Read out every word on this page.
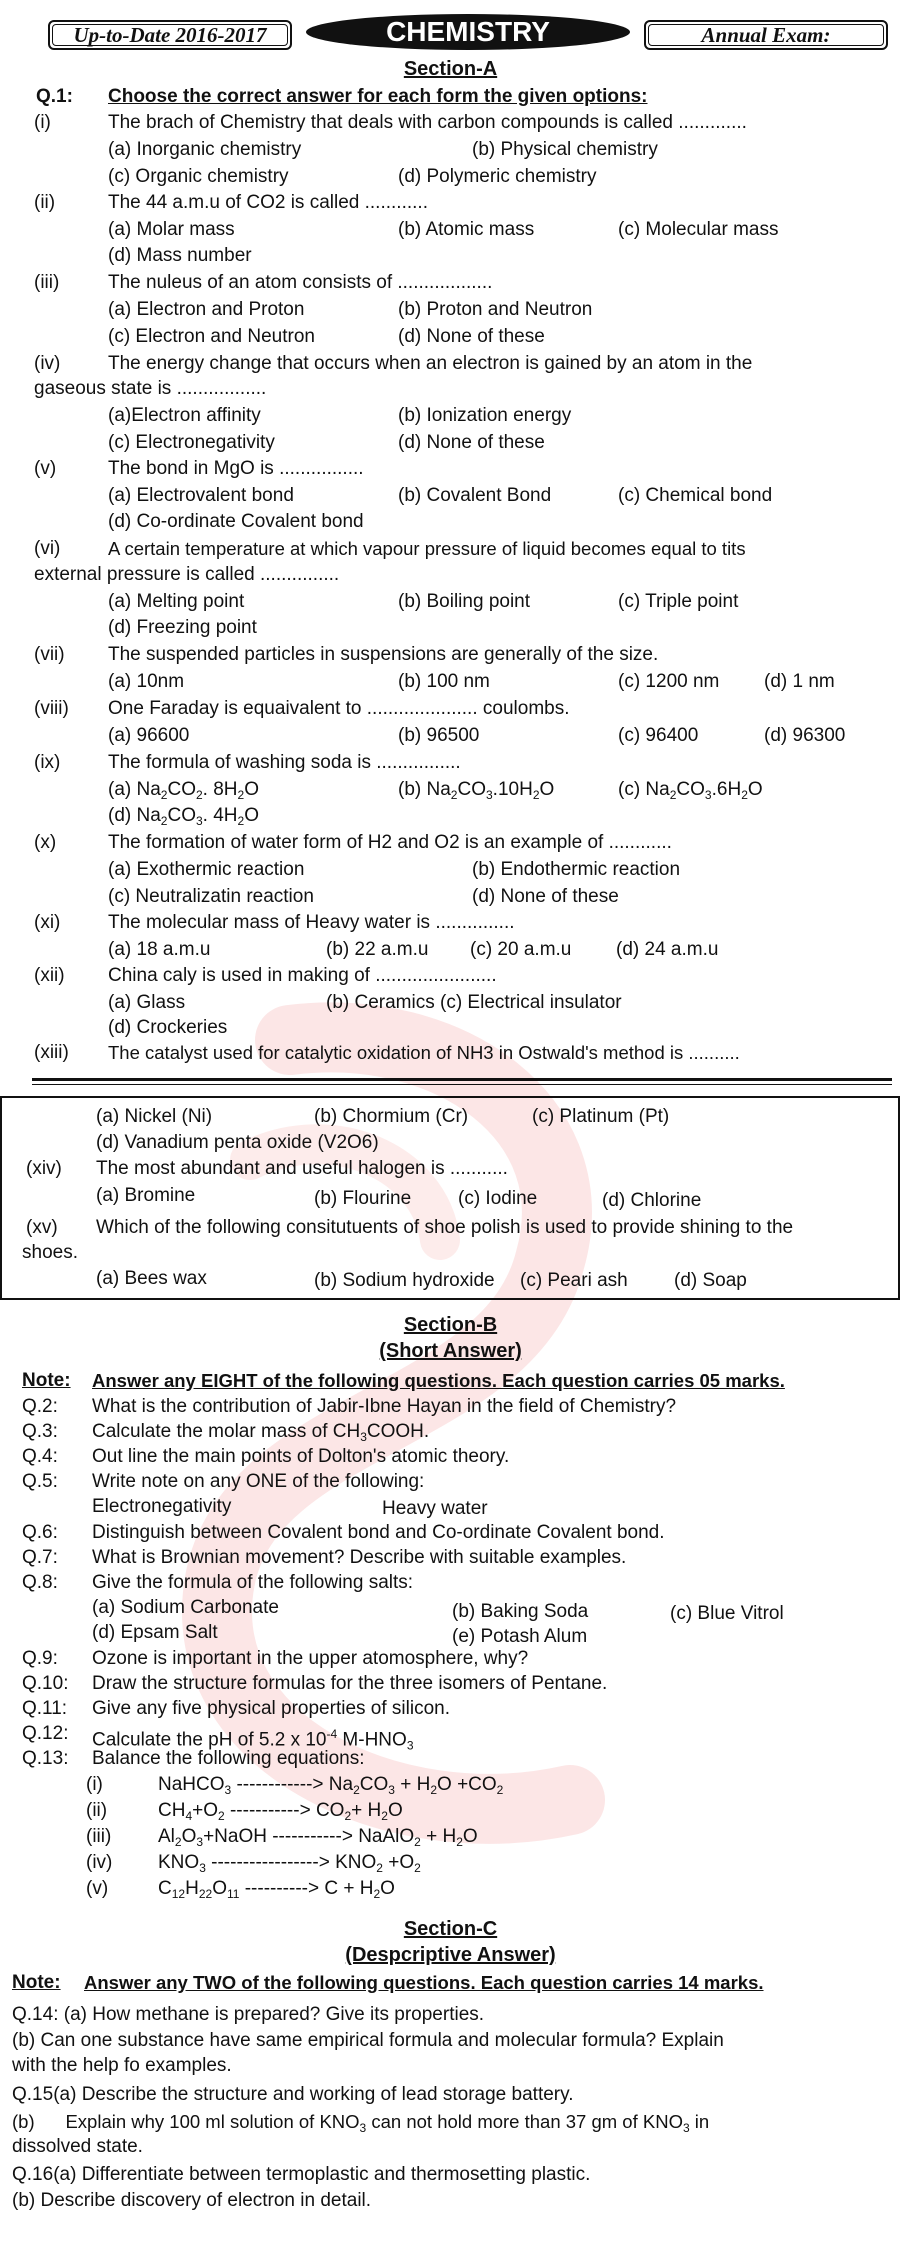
Up-to-Date 2016-2017	CHEMISTRY	Annual Exam:
Section-A
Q.1: Choose the correct answer for each form the given options:
(i)	The brach of Chemistry that deals with carbon compounds is called .............
(a) Inorganic chemistry	(b) Physical chemistry
(c) Organic chemistry	(d) Polymeric chemistry
(ii)	The 44 a.m.u of CO2 is called ............
(a) Molar mass	(b) Atomic mass	(c) Molecular mass
(d) Mass number
(iii)	The nuleus of an atom consists of ..................
(a) Electron and Proton	(b) Proton and Neutron
(c) Electron and Neutron	(d) None of these
(iv)	The energy change that occurs when an electron is gained by an atom in the
gaseous state is .................
(a)Electron affinity	(b) Ionization energy
(c) Electronegativity	(d) None of these
(v)	The bond in MgO is ................
(a) Electrovalent bond	(b) Covalent Bond	(c) Chemical bond
(d) Co-ordinate Covalent bond
(vi)	A certain temperature at which vapour pressure of liquid becomes equal to tits
external pressure is called ...............
(a) Melting point	(b) Boiling point	(c) Triple point
(d) Freezing point
(vii) The suspended particles in suspensions are generally of the size.
(a) 10nm	(b) 100 nm	(c) 1200 nm (d) 1 nm
(viii) One Faraday is equaivalent to ..................... coulombs.
(a) 96600	(b) 96500	(c) 96400	(d) 96300
(ix)	The formula of washing soda is ................
(a) $Na_2CO_2$. $8H_2O$	(b) $Na_2CO_3.10H_2O$	(c) $Na_2CO_3.6H_2O$
(d) $Na_2CO_3$. $4H_2O$
(x)	The formation of water form of H2 and O2 is an example of ............
(a) Exothermic reaction	(b) Endothermic reaction
(c) Neutralizatin reaction	(d) None of these
(xi)	The molecular mass of Heavy water is ...............
(a) 18 a.m.u	(b) 22 a.m.u (c) 20 a.m.u (d) 24 a.m.u
(xii) China caly is used in making of .......................
(a) Glass	(b) Ceramics (c) Electrical insulator
(d) Crockeries
(xiii) The catalyst used for catalytic oxidation of NH3 in Ostwald's method is ..........
(a) Nickel (Ni)	(b) Chormium (Cr)	(c) Platinum (Pt)
(d) Vanadium penta oxide (V2O6)
(xiv) The most abundant and useful halogen is ...........
(a) Bromine	(b) Flourine (c) Iodine	(d) Chlorine
(xv) Which of the following consitutuents of shoe polish is used to provide shining to the
shoes.
(a) Bees wax	(b) Sodium hydroxide (c) Peari ash (d) Soap
Section-B
(Short Answer)
Note: Answer any EIGHT of the following questions. Each question carries 05 marks.
Q.2: What is the contribution of Jabir-Ibne Hayan in the field of Chemistry?
Q.3: Calculate the molar mass of $CH_3COOH$.
Q.4: Out line the main points of Dolton's atomic theory.
Q.5: Write note on any ONE of the following:
Electronegativity	Heavy water
Q.6: Distinguish between Covalent bond and Co-ordinate Covalent bond.
Q.7: What is Brownian movement? Describe with suitable examples.
Q.8: Give the formula of the following salts:
(a) Sodium Carbonate	(b) Baking Soda	(c) Blue Vitrol
(d) Epsam Salt	(e) Potash Alum
Q.9: Ozone is important in the upper atomosphere, why?
Q.10: Draw the structure formulas for the three isomers of Pentane.
Q.11: Give any five physical properties of silicon.
Q.12: Calculate the pH of 5.2 x $10^{-4}$ $M-HNO_3$
Q.13: Balance the following equations:
(i)	NaHCO$_3$ ------------> $Na_2CO_3 + H_2O +CO_2$
(ii)	$CH_4+O_2$ -----------> $CO_2+ H_2O$
(iii) $Al_2O_3+NaOH$ -----------> NaAlO$_2$ + $H_2O$
(iv) $KNO_3$ -----------------> $KNO_2 +O_2$
(v)	$C_{12}H_{22}O_{11}$ ----------> $C + H_2O$
Section-C
(Despcriptive Answer)
Note: Answer any TWO of the following questions. Each question carries 14 marks.
Q.14: (a) How methane is prepared? Give its properties.
(b) Can one substance have same empirical formula and molecular formula? Explain
with the help fo examples.
Q.15(a) Describe the structure and working of lead storage battery.
(b)      Explain why 100 ml solution of $KNO_3$ can not hold more than 37 gm of $KNO_3$ in
dissolved state.
Q.16(a) Differentiate between termoplastic and thermosetting plastic.
(b) Describe discovery of electron in detail.
